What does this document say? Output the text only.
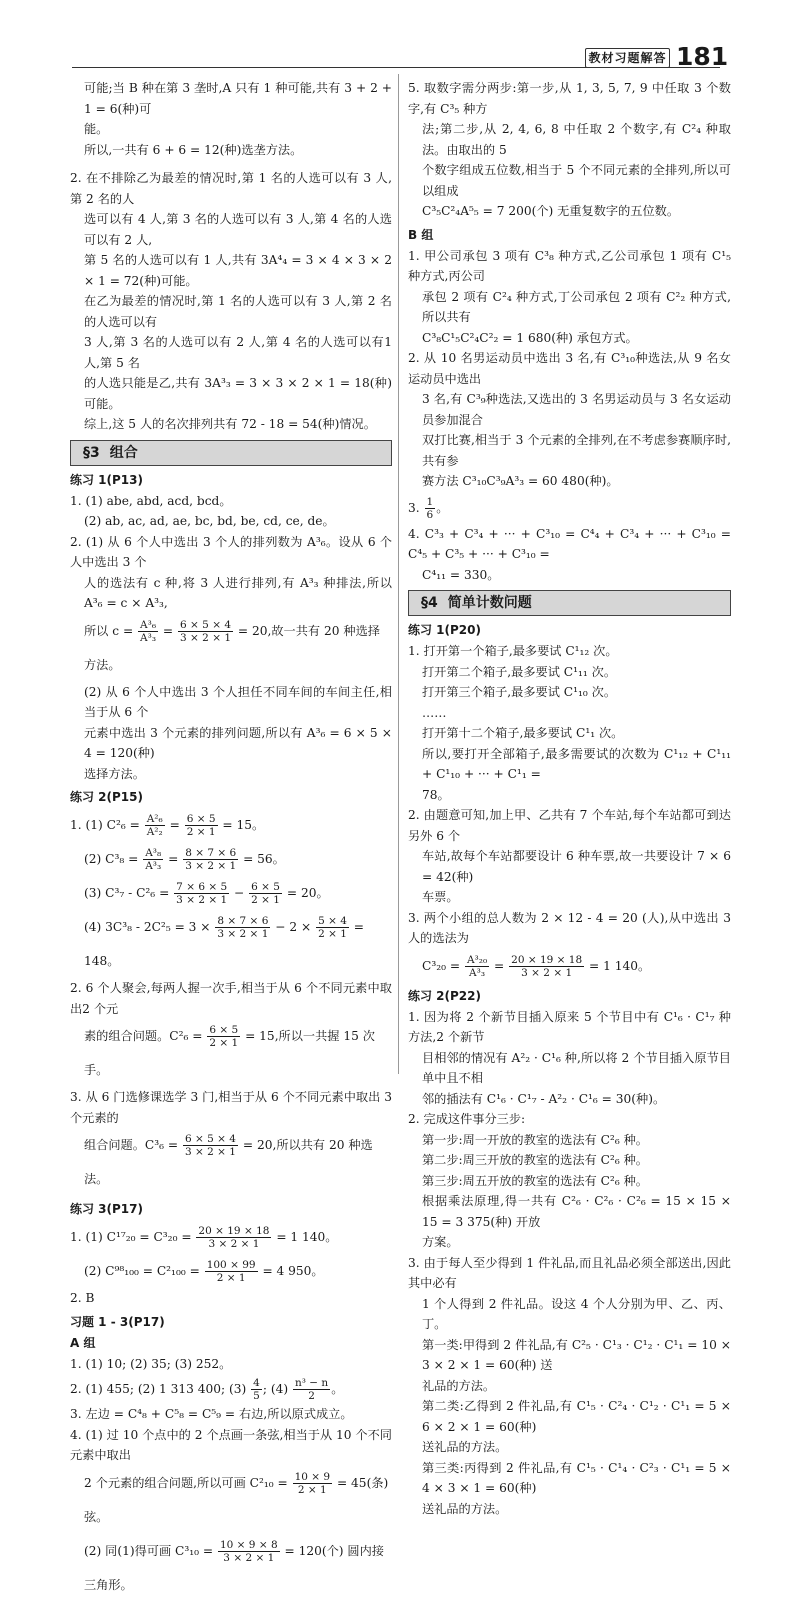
教材习题解答 181

可能;当 B 种在第 3 垄时,A 只有 1 种可能,共有 3 + 2 + 1 = 6(种)可

能。

所以,一共有 6 + 6 = 12(种)选垄方法。

2. 在不排除乙为最差的情况时,第 1 名的人选可以有 3 人,第 2 名的人

选可以有 4 人,第 3 名的人选可以有 3 人,第 4 名的人选可以有 2 人,

第 5 名的人选可以有 1 人,共有 3A⁴₄ = 3 × 4 × 3 × 2 × 1 = 72(种)可能。

在乙为最差的情况时,第 1 名的人选可以有 3 人,第 2 名的人选可以有

3 人,第 3 名的人选可以有 2 人,第 4 名的人选可以有1 人,第 5 名

的人选只能是乙,共有 3A³₃ = 3 × 3 × 2 × 1 = 18(种)可能。

综上,这 5 人的名次排列共有 72 - 18 = 54(种)情况。

§3 组合
练习 1(P13)

1. (1) abe, abd, acd, bcd。

(2) ab, ac, ad, ae, bc, bd, be, cd, ce, de。

2. (1) 从 6 个人中选出 3 个人的排列数为 A³₆。设从 6 个人中选出 3 个

人的选法有 c 种,将 3 人进行排列,有 A³₃ 种排法,所以 A³₆ = c × A³₃,

所以 $c = \frac{\text{A³₆}}{\text{A³₃}} = \frac{6 \times 5 \times 4}{3 \times 2 \times 1} = 20$,故一共有 20 种选择方法。

(2) 从 6 个人中选出 3 个人担任不同车间的车间主任,相当于从 6 个

元素中选出 3 个元素的排列问题,所以有 A³₆ = 6 × 5 × 4 = 120(种)

选择方法。

练习 2(P15)

1. (1) $C^2_6 = \frac{\text{A²₆}}{\text{A²₂}} = \frac{6 \times 5}{2 \times 1} = 15$。

(2) $C^3_8 = \frac{\text{A³₈}}{\text{A³₃}} = \frac{8 \times 7 \times 6}{3 \times 2 \times 1} = 56$。

(3) $C^3_7 - C^2_6 = \frac{7 \times 6 \times 5}{3 \times 2 \times 1} - \frac{6 \times 5}{2 \times 1} = 20$。

(4) $3C^3_8 - 2C^2_5 = 3 \times \frac{8 \times 7 \times 6}{3 \times 2 \times 1} - 2 \times \frac{5 \times 4}{2 \times 1} = 148$。

2. 6 个人聚会,每两人握一次手,相当于从 6 个不同元素中取出2 个元

素的组合问题。$C^2_6 = \frac{6 \times 5}{2 \times 1} = 15$,所以一共握 15 次手。

3. 从 6 门选修课选学 3 门,相当于从 6 个不同元素中取出 3 个元素的

组合问题。$C^3_6 = \frac{6 \times 5 \times 4}{3 \times 2 \times 1} = 20$,所以共有 20 种选法。

练习 3(P17)

1. (1) $C^{17}_{20} = C^3_{20} = \frac{20 \times 19 \times 18}{3 \times 2 \times 1} = 1$ 140。

(2) $C^{98}_{100} = C^2_{100} = \frac{100 \times 99}{2 \times 1} = 4$ 950。

2. B

习题 1 - 3(P17)
A 组

1. (1) 10; (2) 35; (3) 252。

2. (1) 455; (2) 1 313 400; $(3) \frac{4}{5}$ ; $(4) \frac{\text{n³ − n}}{2}$ 。

3. 左边 = C⁴₈ + C⁵₈ = C⁵₉ = 右边,所以原式成立。

4. (1) 过 10 个点中的 2 个点画一条弦,相当于从 10 个不同元素中取出

2 个元素的组合问题,所以可画 $C^2_{10} = \frac{10 \times 9}{2 \times 1} = 45$(条) 弦。

(2) 同(1)得可画 $C^3_{10} = \frac{10 \times 9 \times 8}{3 \times 2 \times 1} = 120$(个) 圆内接三角形。

5. 取数字需分两步:第一步,从 1, 3, 5, 7, 9 中任取 3 个数字,有 C³₅ 种方

法;第二步,从 2, 4, 6, 8 中任取 2 个数字,有 C²₄ 种取法。由取出的 5

个数字组成五位数,相当于 5 个不同元素的全排列,所以可以组成

C³₅C²₄A⁵₅ = 7 200(个) 无重复数字的五位数。

B 组

1. 甲公司承包 3 项有 C³₈ 种方式,乙公司承包 1 项有 C¹₅ 种方式,丙公司

承包 2 项有 C²₄ 种方式,丁公司承包 2 项有 C²₂ 种方式,所以共有

C³₈C¹₅C²₄C²₂ = 1 680(种) 承包方式。

2. 从 10 名男运动员中选出 3 名,有 C³₁₀种选法,从 9 名女运动员中选出

3 名,有 C³₉种选法,又选出的 3 名男运动员与 3 名女运动员参加混合

双打比赛,相当于 3 个元素的全排列,在不考虑参赛顺序时,共有参

赛方法 C³₁₀C³₉A³₃ = 60 480(种)。

3. $\frac{1}{6}$ 。

4. C³₃ + C³₄ + ··· + C³₁₀ = C⁴₄ + C³₄ + ··· + C³₁₀ = C⁴₅ + C³₅ + ··· + C³₁₀ =

C⁴₁₁ = 330。

§4 简单计数问题
练习 1(P20)

1. 打开第一个箱子,最多要试 C¹₁₂ 次。

打开第二个箱子,最多要试 C¹₁₁ 次。

打开第三个箱子,最多要试 C¹₁₀ 次。

……

打开第十二个箱子,最多要试 C¹₁ 次。

所以,要打开全部箱子,最多需要试的次数为 C¹₁₂ + C¹₁₁ + C¹₁₀ + ··· + C¹₁ =

78。

2. 由题意可知,加上甲、乙共有 7 个车站,每个车站都可到达另外 6 个

车站,故每个车站都要设计 6 种车票,故一共要设计 7 × 6 = 42(种)

车票。

3. 两个小组的总人数为 2 × 12 - 4 = 20 (人),从中选出 3 人的选法为

$C^3_{20} = \frac{\text{A³₂₀}}{\text{A³₃}} = \frac{20 \times 19 \times 18}{3 \times 2 \times 1} = 1$ 140。

练习 2(P22)

1. 因为将 2 个新节目插入原来 5 个节目中有 C¹₆ · C¹₇ 种方法,2 个新节

目相邻的情况有 A²₂ · C¹₆ 种,所以将 2 个节目插入原节目单中且不相

邻的插法有 C¹₆ · C¹₇ - A²₂ · C¹₆ = 30(种)。

2. 完成这件事分三步:

第一步:周一开放的教室的选法有 C²₆ 种。

第二步:周三开放的教室的选法有 C²₆ 种。

第三步:周五开放的教室的选法有 C²₆ 种。

根据乘法原理,得一共有 C²₆ · C²₆ · C²₆ = 15 × 15 × 15 = 3 375(种) 开放

方案。

3. 由于每人至少得到 1 件礼品,而且礼品必须全部送出,因此其中必有

1 个人得到 2 件礼品。设这 4 个人分别为甲、乙、丙、丁。

第一类:甲得到 2 件礼品,有 C²₅ · C¹₃ · C¹₂ · C¹₁ = 10 × 3 × 2 × 1 = 60(种) 送

礼品的方法。

第二类:乙得到 2 件礼品,有 C¹₅ · C²₄ · C¹₂ · C¹₁ = 5 × 6 × 2 × 1 = 60(种)

送礼品的方法。

第三类:丙得到 2 件礼品,有 C¹₅ · C¹₄ · C²₃ · C¹₁ = 5 × 4 × 3 × 1 = 60(种)

送礼品的方法。
